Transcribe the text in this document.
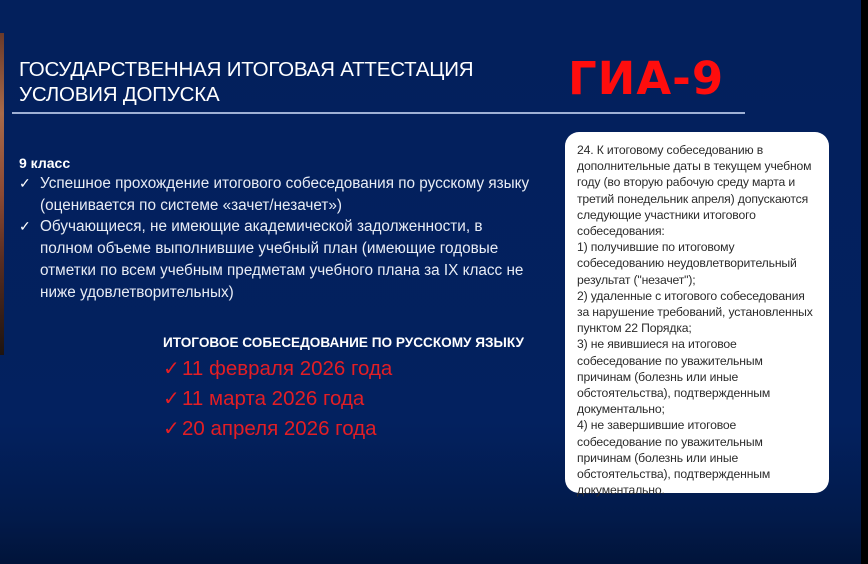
ГОСУДАРСТВЕННАЯ ИТОГОВАЯ АТТЕСТАЦИЯ
УСЛОВИЯ ДОПУСКА	ГИА-9
9 класс
✓ Успешное прохождение итогового собеседования по русскому языку (оценивается по системе «зачет/незачет»)
✓ Обучающиеся, не имеющие академической задолженности, в полном объеме выполнившие учебный план (имеющие годовые отметки по всем учебным предметам учебного плана за IX класс не ниже удовлетворительных)
ИТОГОВОЕ СОБЕСЕДОВАНИЕ ПО РУССКОМУ ЯЗЫКУ
✓ 11 февраля 2026 года
✓ 11 марта 2026 года
✓ 20 апреля 2026 года

24. К итоговому собеседованию в дополнительные даты в текущем учебном году (во вторую рабочую среду марта и третий понедельник апреля) допускаются следующие участники итогового собеседования:

1) получившие по итоговому собеседованию неудовлетворительный результат ("незачет");

2) удаленные с итогового собеседования за нарушение требований, установленных пунктом 22 Порядка;

3) не явившиеся на итоговое собеседование по уважительным причинам (болезнь или иные обстоятельства), подтвержденным документально;

4) не завершившие итоговое собеседование по уважительным причинам (болезнь или иные обстоятельства), подтвержденным документально.
